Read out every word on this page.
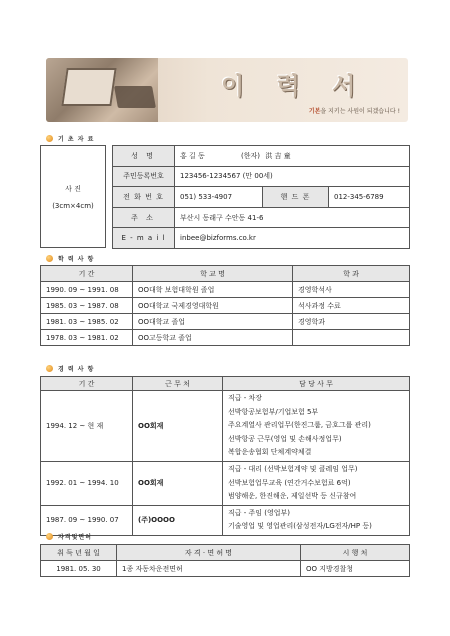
이 력 서
기본을 지키는 사원이 되겠습니다 !
기 초 자 료
사 진
(3cm×4cm)
성 명	홍 길 동 (한자) 洪 吉 童		
주민등록번호	123456-1234567 (만 00세)		
전 화 번 호	051) 533-4907	핸 드 폰	012-345-6789
주 소	부산시 동래구 수안동 41-6		
E - m a i l	inbee@bizforms.co.kr		
학 력 사 항
기 간	학 교 명	학 과
1990. 09 ~ 1991. 08	OO대학 보험대학원 졸업	경영학석사
1985. 03 ~ 1987. 08	OO대학교 국제경영대학원	석사과정 수료
1981. 03 ~ 1985. 02	OO대학교 졸업	경영학과
1978. 03 ~ 1981. 02	OO고등학교 졸업	
경 력 사 항
기 간	근 무 처	담 당 사 무
1994. 12 ~ 현 재	OO회재	직급 - 차장
선박항공보험부/기업보험 5부
주요계열사 관리업무(한진그룹, 금호그룹 관리)
선박항공 근무(영업 및 손해사정업무)
복합운송협회 단체계약체결

1992. 01 ~ 1994. 10	OO회재	직급 - 대리 (선박보험계약 및 클레임 업무)
선박보험업무교육 (연간거수보험료 6억)
범양해운, 한진해운, 제일선박 등 신규참여

1987. 09 ~ 1990. 07	(주)OOOO	직급 - 주임 (영업부)
기술영업 및 영업관리(삼성전자/LG전자/HP 등)
자격및면허
취 득 년 월 일	자 격 · 면 허 명	시 행 처
1981. 05. 30	1종 자동차운전면허	OO 지방경찰청
